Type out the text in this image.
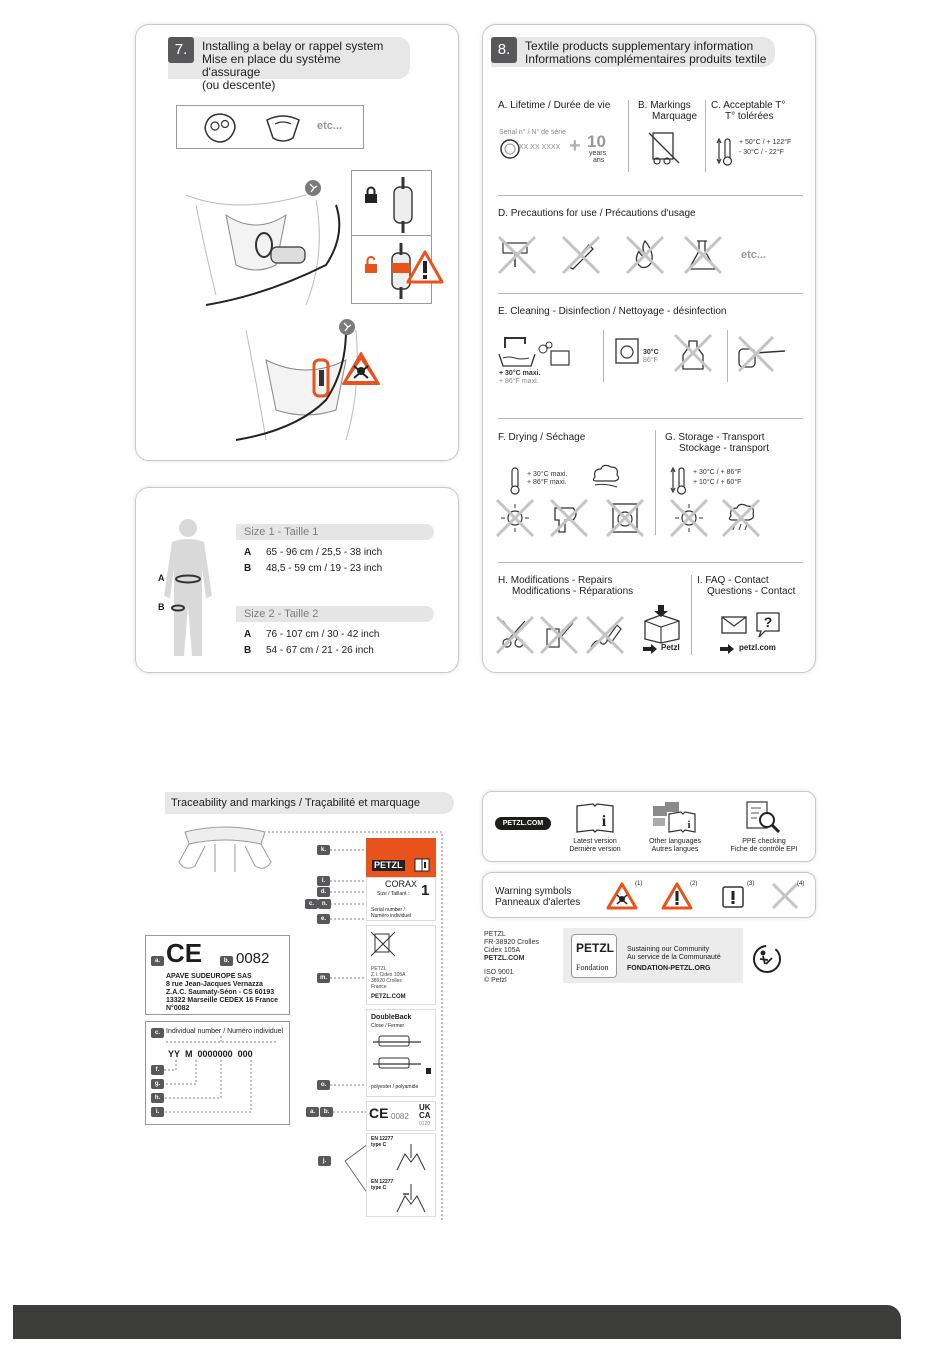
7.	Installing a belay or rappel system
Mise en place du système d'assurage
(ou descente)
etc...
8.	Textile products supplementary information
Informations complémentaires produits textile
A. Lifetime / Durée de vie
Serial n° / N° de série
XX XX XXXX + 10
years
ans
B. Markings
Marquage
C. Acceptable T°
T° tolérées
+ 50°C / + 122°F
- 30°C / - 22°F
D. Precautions for use / Précautions d'usage
etc...
E. Cleaning - Disinfection / Nettoyage - désinfection
+ 30°C maxi.
+ 86°F maxi.
30°C
86°F
F. Drying / Séchage
+ 30°C maxi.
+ 86°F maxi.
G. Storage - Transport
Stockage - transport
+ 30°C / + 86°F
+ 10°C / + 60°F
H. Modifications - Repairs
Modifications - Réparations
Petzl
I. FAQ - Contact
Questions - Contact
?
petzl.com
A
B
Size 1 - Taille 1
A 65 - 96 cm / 25,5 - 38 inch
B 48,5 - 59 cm / 19 - 23 inch
Size 2 - Taille 2
A 76 - 107 cm / 30 - 42 inch
B 54 - 67 cm / 21 - 26 inch
Traceability and markings / Traçabilité et marquage
k.
l.
d.
c.	n.
e.
m.
o.
a.	b.
j.
PETZL
CORAX 1
Size / Taillant :
Serial number /
Numéro individuel
PETZL
Z.I. Cidex 105A
38920 Crolles
France
PETZL.COM
DoubleBack
Close / Fermer
polyester / polyamide
CE 0082
UK
CA
0120
EN 12277
type C
EN 12277
type C
a. CE	b. 0082
APAVE SUDEUROPE SAS
8 rue Jean-Jacques Vernazza
Z.A.C. Saumaty-Séon - CS 60193
13322 Marseille CEDEX 16 France
N°0082
c. Individual number / Numéro individuel
YY M 0000000 000
f.
g.
h.
i.
PETZL.COM	i
Latest version
Dernière version
i
Other languages
Autres langues
PPE checking
Fiche de contrôle EPI
Warning symbols
Panneaux d'alertes
(1)	(2)	(3)	(4)
PETZL
FR-38920 Crolles
Cidex 105A
PETZL.COM
ISO 9001
© Petzl
PETZL
Fondation
Sustaining our Community
Au service de la Communauté
FONDATION-PETZL.ORG
